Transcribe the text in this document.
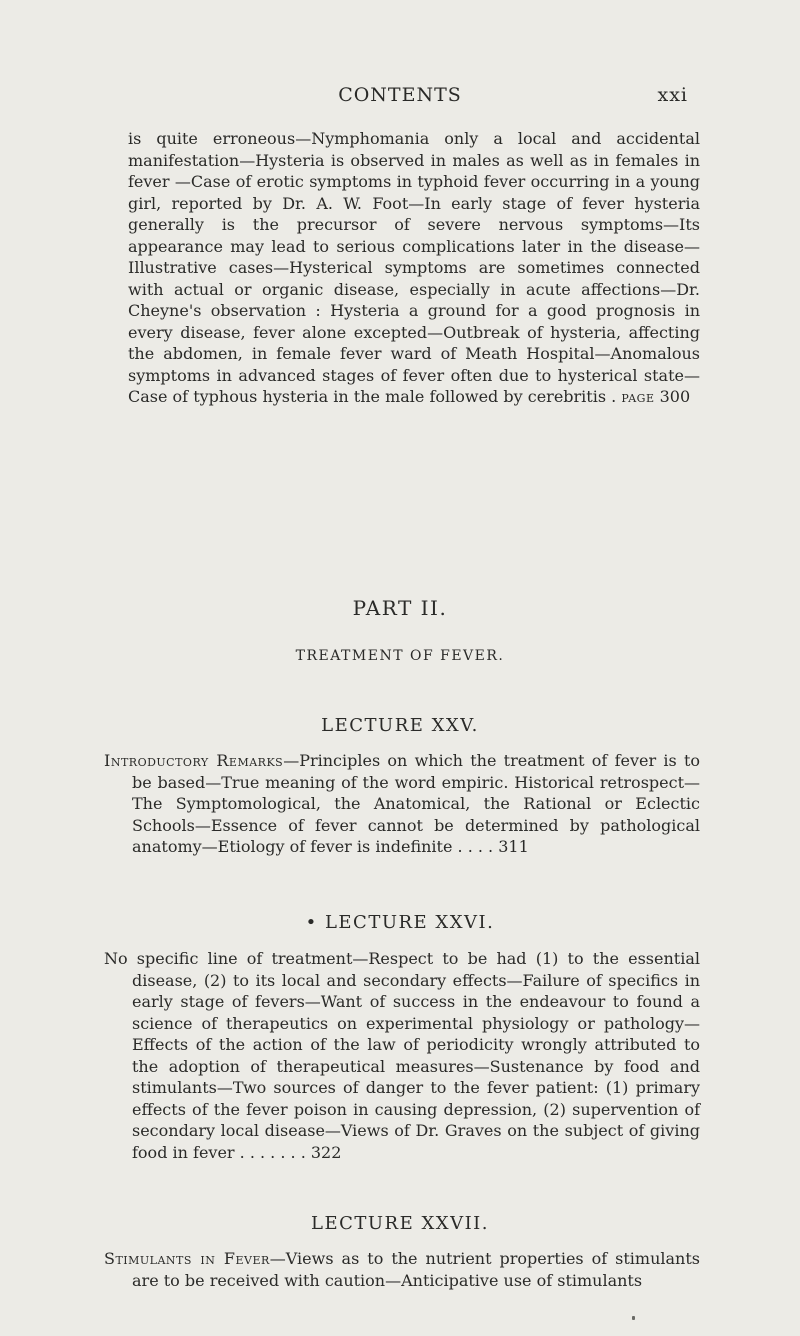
CONTENTS	xxi

is quite erroneous—Nymphomania only a local and accidental manifestation—Hysteria is observed in males as well as in females in fever —Case of erotic symptoms in typhoid fever occurring in a young girl, reported by Dr. A. W. Foot—In early stage of fever hysteria generally is the precursor of severe nervous symptoms—Its appearance may lead to serious complications later in the disease—Illustrative cases—Hysterical symptoms are sometimes connected with actual or organic disease, especially in acute affections—Dr. Cheyne's observation : Hysteria a ground for a good prognosis in every disease, fever alone excepted—Outbreak of hysteria, affecting the abdomen, in female fever ward of Meath Hospital—Anomalous symptoms in advanced stages of fever often due to hysterical state—Case of typhous hysteria in the male followed by cerebritis . page 300

PART II.
TREATMENT OF FEVER.
LECTURE XXV.

Introductory Remarks—Principles on which the treatment of fever is to be based—True meaning of the word empiric. Historical retrospect—The Symptomological, the Anatomical, the Rational or Eclectic Schools—Essence of fever cannot be determined by pathological anatomy—Etiology of fever is indefinite . . . . 311

• LECTURE XXVI.

No specific line of treatment—Respect to be had (1) to the essential disease, (2) to its local and secondary effects—Failure of specifics in early stage of fevers—Want of success in the endeavour to found a science of therapeutics on experimental physiology or pathology—Effects of the action of the law of periodicity wrongly attributed to the adoption of therapeutical measures—Sustenance by food and stimulants—Two sources of danger to the fever patient: (1) primary effects of the fever poison in causing depression, (2) supervention of secondary local disease—Views of Dr. Graves on the subject of giving food in fever . . . . . . . 322

LECTURE XXVII.

Stimulants in Fever—Views as to the nutrient properties of stimulants are to be received with caution—Anticipative use of stimulants
